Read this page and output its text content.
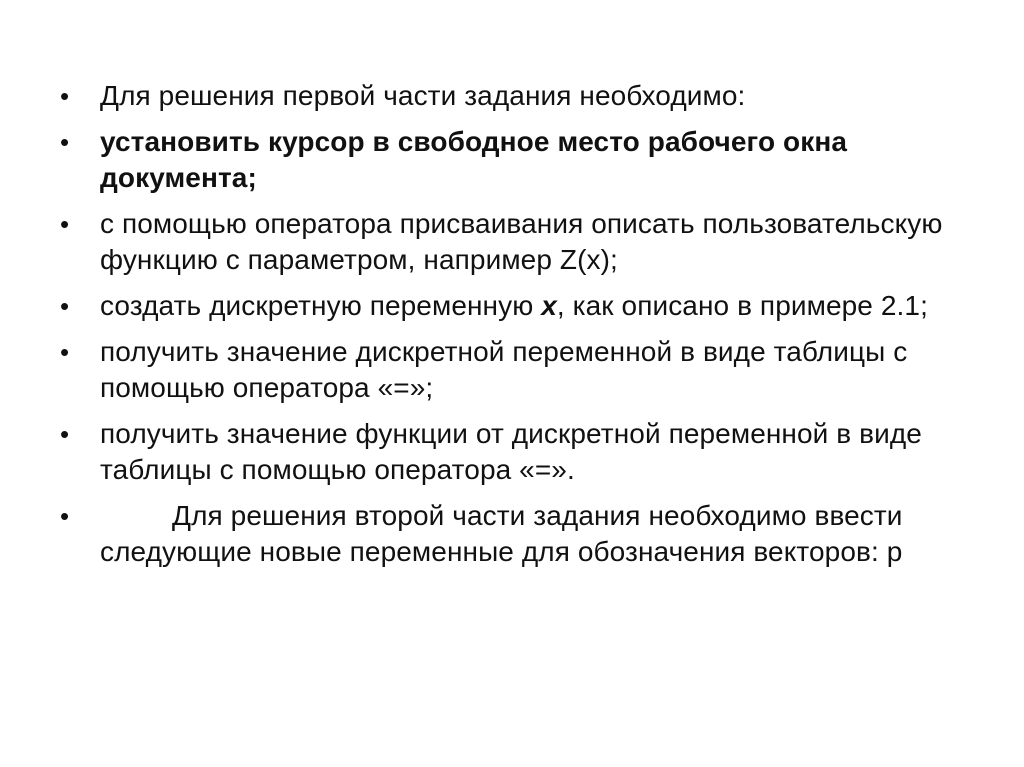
• Для решения первой части задания необходимо:
• установить курсор в свободное место рабочего окна документа;
• с помощью оператора присваивания описать пользовательскую функцию с параметром, например Z(x);
• создать дискретную переменную x, как описано в примере 2.1;
• получить значение дискретной переменной в виде таблицы с помощью оператора «=»;
• получить значение функции от дискретной переменной в виде таблицы с помощью оператора «=».
•	Для решения второй части задания необходимо ввести следующие новые переменные для обозначения векторов: p
